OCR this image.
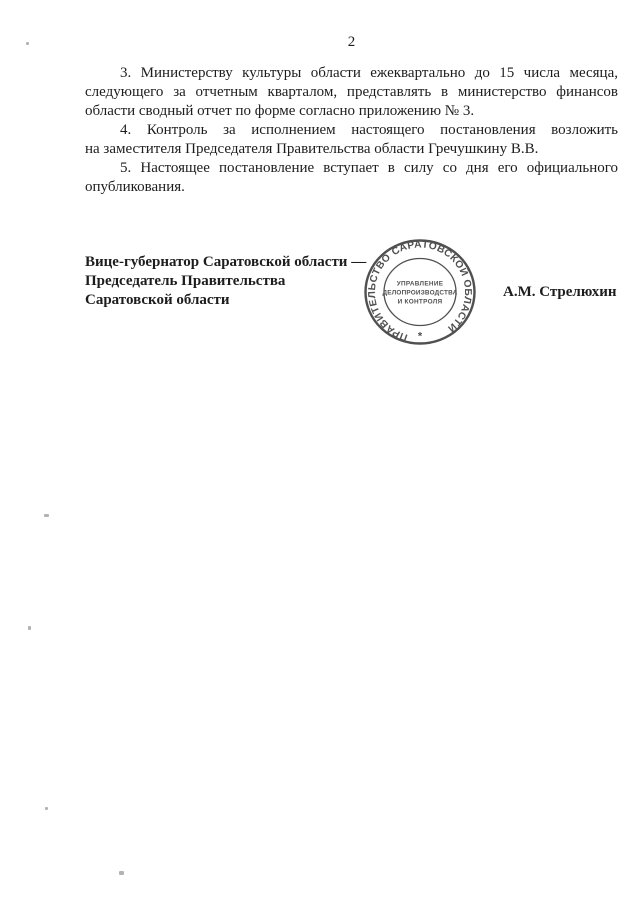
2
3. Министерству культуры области ежеквартально до 15 числа месяца,
следующего за отчетным кварталом, представлять в министерство финансов
области сводный отчет по форме согласно приложению № 3.
4. Контроль за исполнением настоящего постановления возложить
на заместителя Председателя Правительства области Гречушкину В.В.
5. Настоящее постановление вступает в силу со дня его официального
опубликования.
Вице-губернатор Саратовской области —
Председатель Правительства
Саратовской области	А.М. Стрелюхин
ПРАВИТЕЛЬСТВО САРАТОВСКОЙ ОБЛАСТИ
*
УПРАВЛЕНИЕ
ДЕЛОПРОИЗВОДСТВА
И КОНТРОЛЯ
